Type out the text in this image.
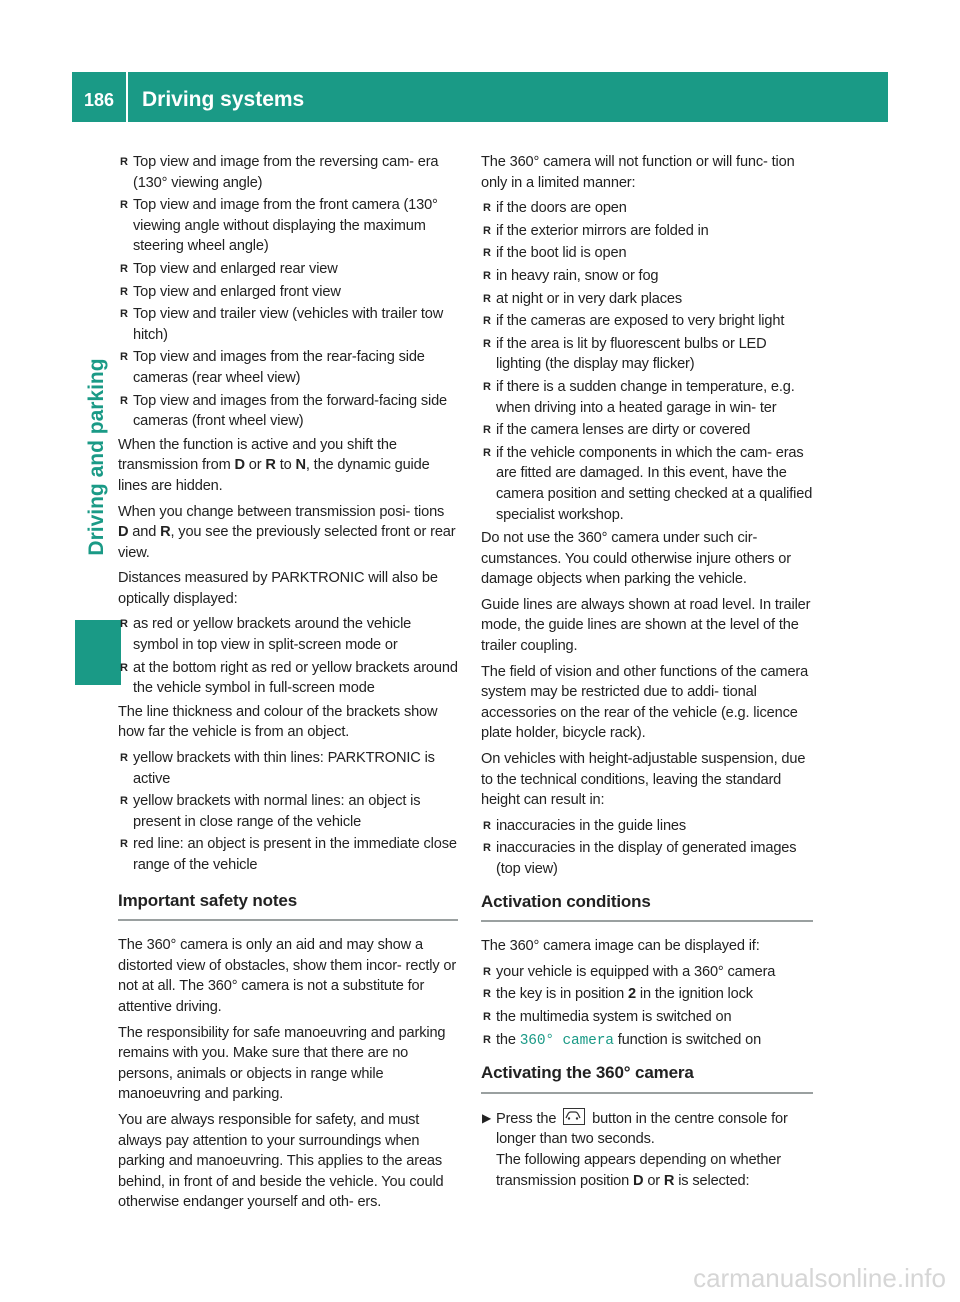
186	Driving systems
Driving and parking
R Top view and image from the reversing cam- era (130° viewing angle)
R Top view and image from the front camera (130° viewing angle without displaying the maximum steering wheel angle)
R Top view and enlarged rear view
R Top view and enlarged front view
R Top view and trailer view (vehicles with trailer tow hitch)
R Top view and images from the rear-facing side cameras (rear wheel view)
R Top view and images from the forward-facing side cameras (front wheel view)

When the function is active and you shift the transmission from D or R to N, the dynamic guide lines are hidden.

When you change between transmission posi- tions D and R, you see the previously selected front or rear view.

Distances measured by PARKTRONIC will also be optically displayed:

R as red or yellow brackets around the vehicle symbol in top view in split-screen mode or
R at the bottom right as red or yellow brackets around the vehicle symbol in full-screen mode

The line thickness and colour of the brackets show how far the vehicle is from an object.

R yellow brackets with thin lines: PARKTRONIC is active
R yellow brackets with normal lines: an object is present in close range of the vehicle
R red line: an object is present in the immediate close range of the vehicle
Important safety notes

The 360° camera is only an aid and may show a distorted view of obstacles, show them incor- rectly or not at all. The 360° camera is not a substitute for attentive driving.

The responsibility for safe manoeuvring and parking remains with you. Make sure that there are no persons, animals or objects in range while manoeuvring and parking.

You are always responsible for safety, and must always pay attention to your surroundings when parking and manoeuvring. This applies to the areas behind, in front of and beside the vehicle. You could otherwise endanger yourself and oth- ers.

The 360° camera will not function or will func- tion only in a limited manner:

R if the doors are open
R if the exterior mirrors are folded in
R if the boot lid is open
R in heavy rain, snow or fog
R at night or in very dark places
R if the cameras are exposed to very bright light
R if the area is lit by fluorescent bulbs or LED lighting (the display may flicker)
R if there is a sudden change in temperature, e.g. when driving into a heated garage in win- ter
R if the camera lenses are dirty or covered
R if the vehicle components in which the cam- eras are fitted are damaged. In this event, have the camera position and setting checked at a qualified specialist workshop.

Do not use the 360° camera under such cir- cumstances. You could otherwise injure others or damage objects when parking the vehicle.

Guide lines are always shown at road level. In trailer mode, the guide lines are shown at the level of the trailer coupling.

The field of vision and other functions of the camera system may be restricted due to addi- tional accessories on the rear of the vehicle (e.g. licence plate holder, bicycle rack).

On vehicles with height-adjustable suspension, due to the technical conditions, leaving the standard height can result in:

R inaccuracies in the guide lines
R inaccuracies in the display of generated images (top view)
Activation conditions

The 360° camera image can be displayed if:

R your vehicle is equipped with a 360° camera
R the key is in position 2 in the ignition lock
R the multimedia system is switched on
R the 360° camera function is switched on
Activating the 360° camera
▶ Press the
button in the centre console for longer than two seconds.
The following appears depending on whether transmission position D or R is selected:
carmanualsonline.info
